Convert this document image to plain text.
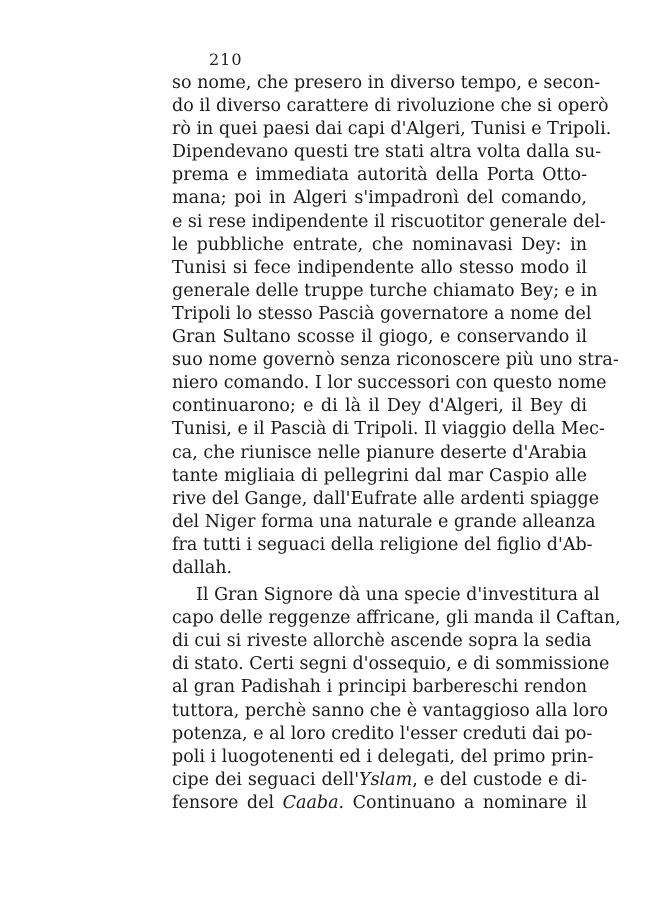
210
so nome, che presero in diverso tempo, e secon-
do il diverso carattere di rivoluzione che si operò
rò in quei paesi dai capi d'Algeri, Tunisi e Tripoli.
Dipendevano questi tre stati altra volta dalla su-
prema e immediata autorità della Porta Otto-
mana; poi in Algeri s'impadronì del comando,
e si rese indipendente il riscuotitor generale del-
le pubbliche entrate, che nominavasi Dey: in
Tunisi si fece indipendente allo stesso modo il
generale delle truppe turche chiamato Bey; e in
Tripoli lo stesso Pascià governatore a nome del
Gran Sultano scosse il giogo, e conservando il
suo nome governò senza riconoscere più uno stra-
niero comando. I lor successori con questo nome
continuarono; e di là il Dey d'Algeri, il Bey di
Tunisi, e il Pascià di Tripoli. Il viaggio della Mec-
ca, che riunisce nelle pianure deserte d'Arabia
tante migliaia di pellegrini dal mar Caspio alle
rive del Gange, dall'Eufrate alle ardenti spiagge
del Niger forma una naturale e grande alleanza
fra tutti i seguaci della religione del figlio d'Ab-
dallah.
Il Gran Signore dà una specie d'investitura al
capo delle reggenze affricane, gli manda il Caftan,
di cui si riveste allorchè ascende sopra la sedia
di stato. Certi segni d'ossequio, e di sommissione
al gran Padishah i principi barbereschi rendon
tuttora, perchè sanno che è vantaggioso alla loro
potenza, e al loro credito l'esser creduti dai po-
poli i luogotenenti ed i delegati, del primo prin-
cipe dei seguaci dell'Yslam, e del custode e di-
fensore del Caaba. Continuano a nominare il
